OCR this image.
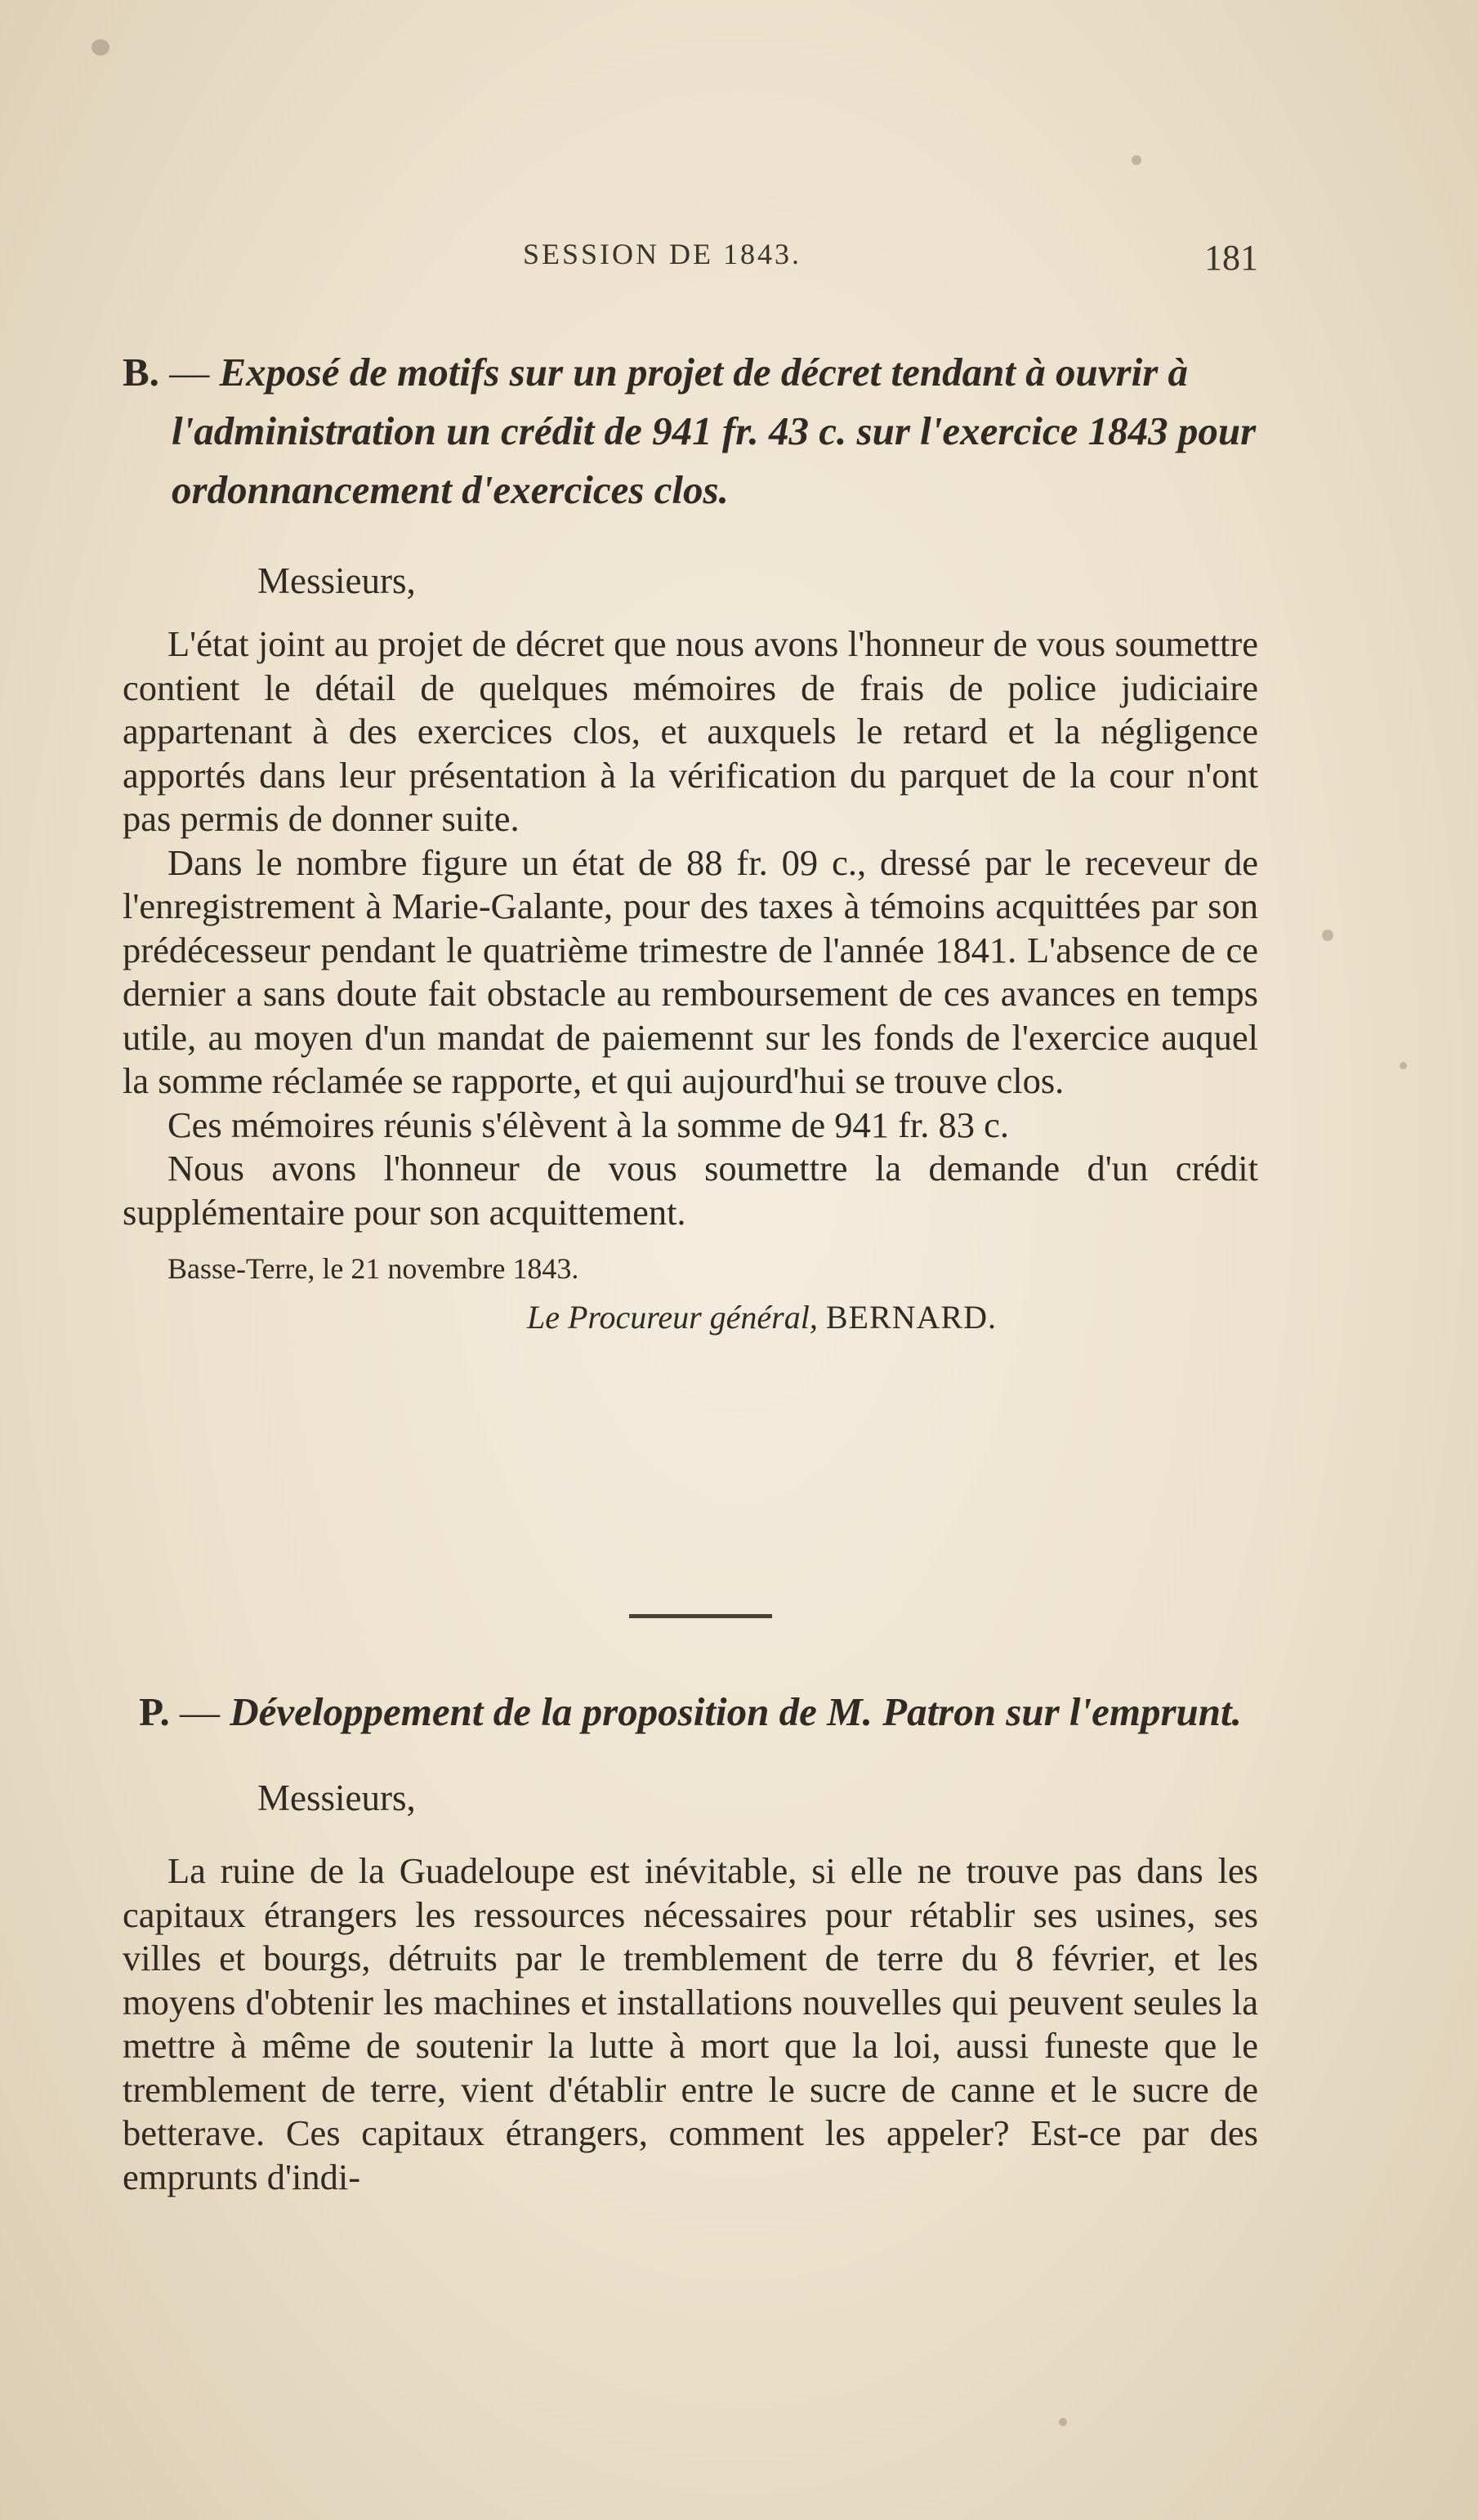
SESSION DE 1843.	181

B. — Exposé de motifs sur un projet de décret tendant à ouvrir à l'administration un crédit de 941 fr. 43 c. sur l'exercice 1843 pour ordonnancement d'exercices clos.

Messieurs,

L'état joint au projet de décret que nous avons l'honneur de vous soumettre contient le détail de quelques mémoires de frais de police judiciaire appartenant à des exercices clos, et auxquels le retard et la négligence apportés dans leur présentation à la vérification du parquet de la cour n'ont pas permis de donner suite.

Dans le nombre figure un état de 88 fr. 09 c., dressé par le receveur de l'enregistrement à Marie-Galante, pour des taxes à témoins acquittées par son prédécesseur pendant le quatrième trimestre de l'année 1841. L'absence de ce dernier a sans doute fait obstacle au remboursement de ces avances en temps utile, au moyen d'un mandat de paiemennt sur les fonds de l'exercice auquel la somme réclamée se rapporte, et qui aujourd'hui se trouve clos.

Ces mémoires réunis s'élèvent à la somme de 941 fr. 83 c.

Nous avons l'honneur de vous soumettre la demande d'un crédit supplémentaire pour son acquittement.

Basse-Terre, le 21 novembre 1843.

Le Procureur général, BERNARD.

P. — Développement de la proposition de M. Patron sur l'emprunt.

Messieurs,

La ruine de la Guadeloupe est inévitable, si elle ne trouve pas dans les capitaux étrangers les ressources nécessaires pour rétablir ses usines, ses villes et bourgs, détruits par le tremblement de terre du 8 février, et les moyens d'obtenir les machines et installations nouvelles qui peuvent seules la mettre à même de soutenir la lutte à mort que la loi, aussi funeste que le tremblement de terre, vient d'établir entre le sucre de canne et le sucre de betterave. Ces capitaux étrangers, comment les appeler? Est-ce par des emprunts d'indi-
